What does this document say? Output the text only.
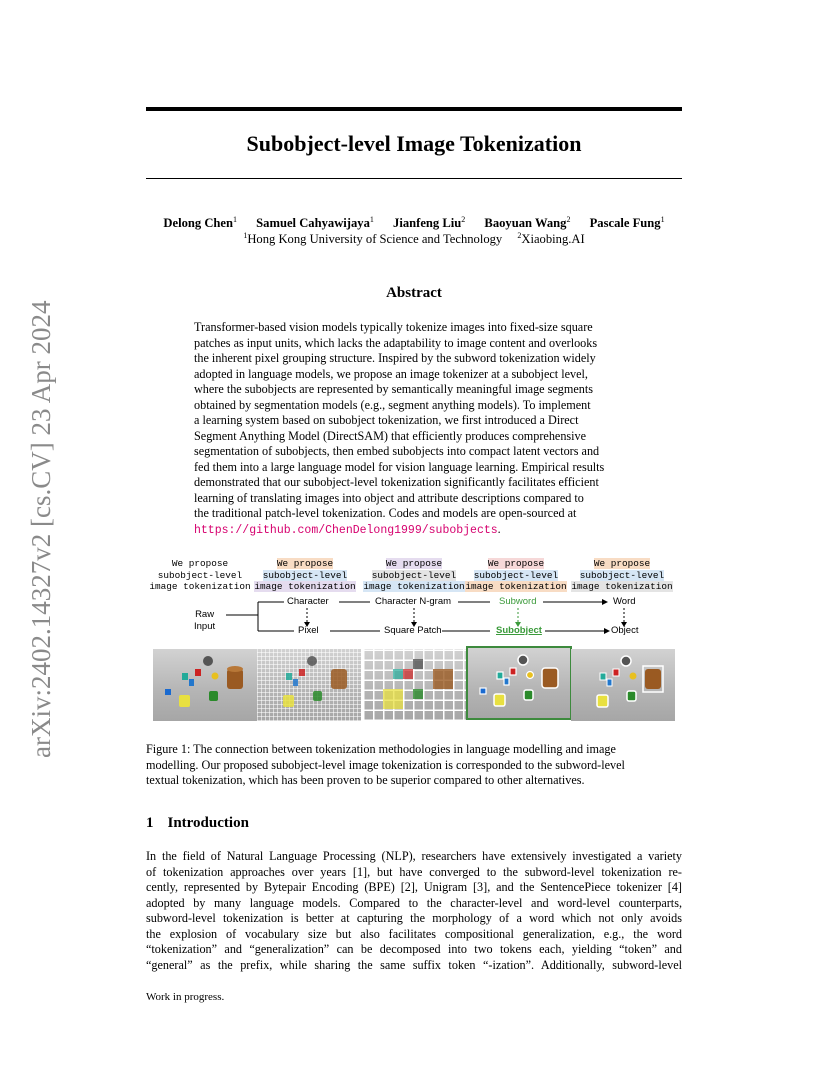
arXiv:2402.14327v2 [cs.CV] 23 Apr 2024
Subobject-level Image Tokenization
Delong Chen$^1$ Samuel Cahyawijaya$^1$ Jianfeng Liu$^2$ Baoyuan Wang$^2$ Pascale Fung$^1$
$^1$Hong Kong University of Science and Technology $^2$Xiaobing.AI
Abstract
Transformer-based vision models typically tokenize images into fixed-size square
patches as input units, which lacks the adaptability to image content and overlooks
the inherent pixel grouping structure. Inspired by the subword tokenization widely
adopted in language models, we propose an image tokenizer at a subobject level,
where the subobjects are represented by semantically meaningful image segments
obtained by segmentation models (e.g., segment anything models). To implement
a learning system based on subobject tokenization, we first introduced a Direct
Segment Anything Model (DirectSAM) that efficiently produces comprehensive
segmentation of subobjects, then embed subobjects into compact latent vectors and
fed them into a large language model for vision language learning. Empirical results
demonstrated that our subobject-level tokenization significantly facilitates efficient
learning of translating images into object and attribute descriptions compared to
the traditional patch-level tokenization. Codes and models are open-sourced at
https://github.com/ChenDelong1999/subobjects.
We propose
subobject-level
image tokenization
We propose
subobject-level
image tokenization
We propose
subobject-level
image tokenization
We propose
subobject-level
image tokenization
We propose
subobject-level
image tokenization
Raw
Input
Character	Character N-gram	Subword	Word
Pixel	Square Patch	Subobject	Object
Figure 1: The connection between tokenization methodologies in language modelling and image
modelling. Our proposed subobject-level image tokenization is corresponded to the subword-level
textual tokenization, which has been proven to be superior compared to other alternatives.
1 Introduction
In the field of Natural Language Processing (NLP), researchers have extensively investigated a variety
of tokenization approaches over years [1], but have converged to the subword-level tokenization re-
cently, represented by Bytepair Encoding (BPE) [2], Unigram [3], and the SentencePiece tokenizer [4]
adopted by many language models. Compared to the character-level and word-level counterparts,
subword-level tokenization is better at capturing the morphology of a word which not only avoids
the explosion of vocabulary size but also facilitates compositional generalization, e.g., the word
“tokenization” and “generalization” can be decomposed into two tokens each, yielding “token” and
“general” as the prefix, while sharing the same suffix token “-ization”. Additionally, subword-level
Work in progress.
